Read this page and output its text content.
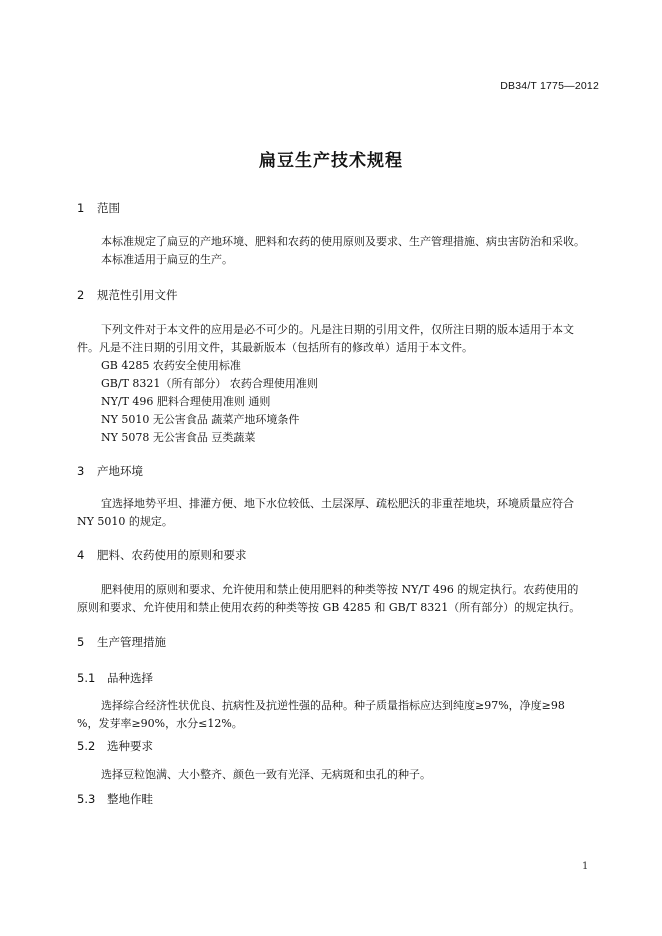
DB34/T 1775—2012

扁豆生产技术规程
1 范围

本标准规定了扁豆的产地环境、肥料和农药的使用原则及要求、生产管理措施、病虫害防治和采收。

本标准适用于扁豆的生产。

2 规范性引用文件

下列文件对于本文件的应用是必不可少的。凡是注日期的引用文件，仅所注日期的版本适用于本文

件。凡是不注日期的引用文件，其最新版本（包括所有的修改单）适用于本文件。

GB 4285 农药安全使用标准

GB/T 8321（所有部分） 农药合理使用准则

NY/T 496 肥料合理使用准则 通则

NY 5010 无公害食品 蔬菜产地环境条件

NY 5078 无公害食品 豆类蔬菜

3 产地环境

宜选择地势平坦、排灌方便、地下水位较低、土层深厚、疏松肥沃的非重茬地块，环境质量应符合

NY 5010 的规定。

4 肥料、农药使用的原则和要求

肥料使用的原则和要求、允许使用和禁止使用肥料的种类等按 NY/T 496 的规定执行。农药使用的

原则和要求、允许使用和禁止使用农药的种类等按 GB 4285 和 GB/T 8321（所有部分）的规定执行。

5 生产管理措施
5.1 品种选择

选择综合经济性状优良、抗病性及抗逆性强的品种。种子质量指标应达到纯度≥97%，净度≥98

%，发芽率≥90%，水分≤12%。

5.2 选种要求

选择豆粒饱满、大小整齐、颜色一致有光泽、无病斑和虫孔的种子。

5.3 整地作畦

1
